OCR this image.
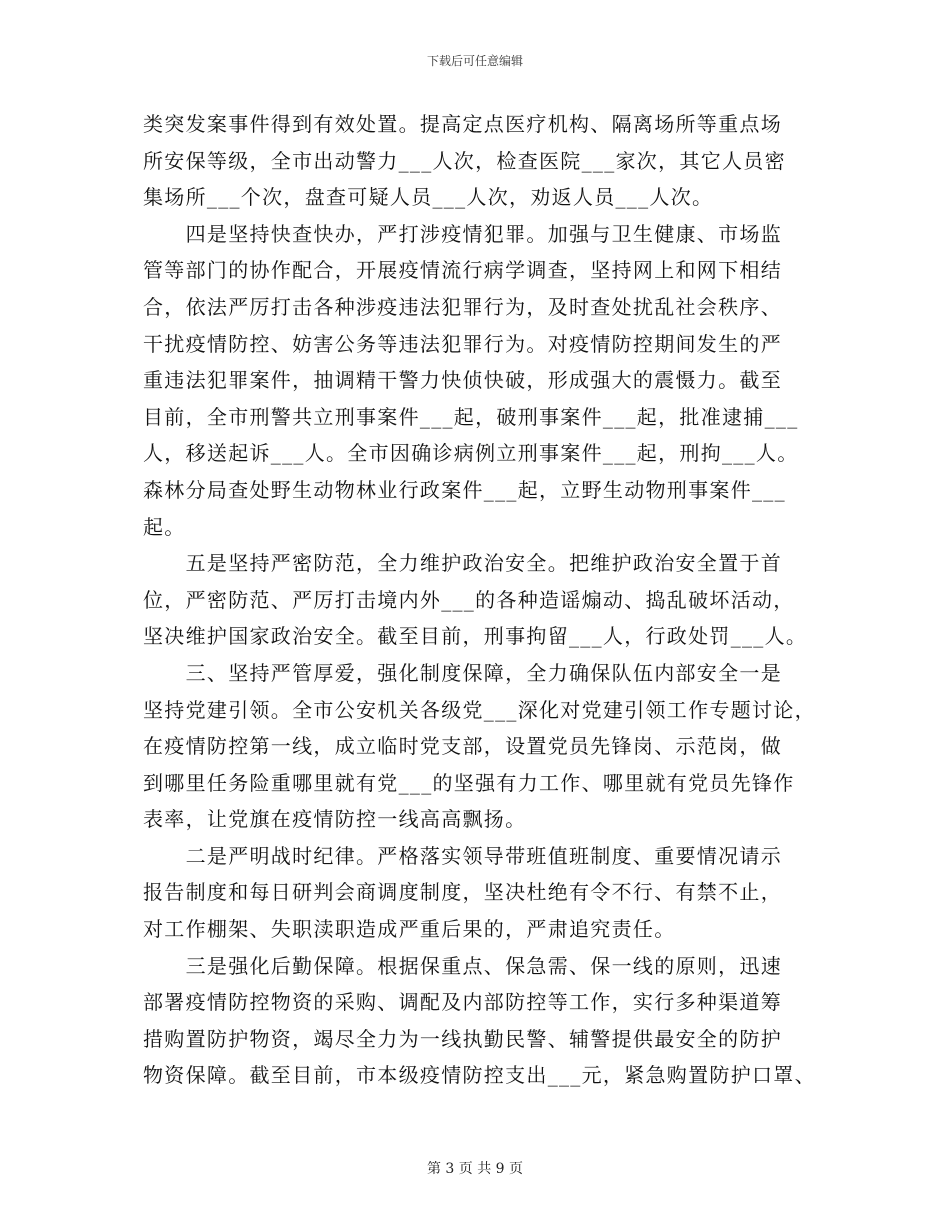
下载后可任意编辑
类突发案事件得到有效处置。提高定点医疗机构、隔离场所等重点场
所安保等级，全市出动警力___人次，检查医院___家次，其它人员密
集场所___个次，盘查可疑人员___人次，劝返人员___人次。
　　四是坚持快查快办，严打涉疫情犯罪。加强与卫生健康、市场监
管等部门的协作配合，开展疫情流行病学调查，坚持网上和网下相结
合，依法严厉打击各种涉疫违法犯罪行为，及时查处扰乱社会秩序、
干扰疫情防控、妨害公务等违法犯罪行为。对疫情防控期间发生的严
重违法犯罪案件，抽调精干警力快侦快破，形成强大的震慑力。截至
目前，全市刑警共立刑事案件___起，破刑事案件___起，批准逮捕___
人，移送起诉___人。全市因确诊病例立刑事案件___起，刑拘___人。
森林分局查处野生动物林业行政案件___起，立野生动物刑事案件___
起。
　　五是坚持严密防范，全力维护政治安全。把维护政治安全置于首
位，严密防范、严厉打击境内外___的各种造谣煽动、捣乱破坏活动，
坚决维护国家政治安全。截至目前，刑事拘留___人，行政处罚___人。
　　三、坚持严管厚爱，强化制度保障，全力确保队伍内部安全一是
坚持党建引领。全市公安机关各级党___深化对党建引领工作专题讨论，
在疫情防控第一线，成立临时党支部，设置党员先锋岗、示范岗，做
到哪里任务险重哪里就有党___的坚强有力工作、哪里就有党员先锋作
表率，让党旗在疫情防控一线高高飘扬。
　　二是严明战时纪律。严格落实领导带班值班制度、重要情况请示
报告制度和每日研判会商调度制度，坚决杜绝有令不行、有禁不止，
对工作棚架、失职渎职造成严重后果的，严肃追究责任。
　　三是强化后勤保障。根据保重点、保急需、保一线的原则，迅速
部署疫情防控物资的采购、调配及内部防控等工作，实行多种渠道筹
措购置防护物资，竭尽全力为一线执勤民警、辅警提供最安全的防护
物资保障。截至目前，市本级疫情防控支出___元，紧急购置防护口罩、
第 3 页 共 9 页
